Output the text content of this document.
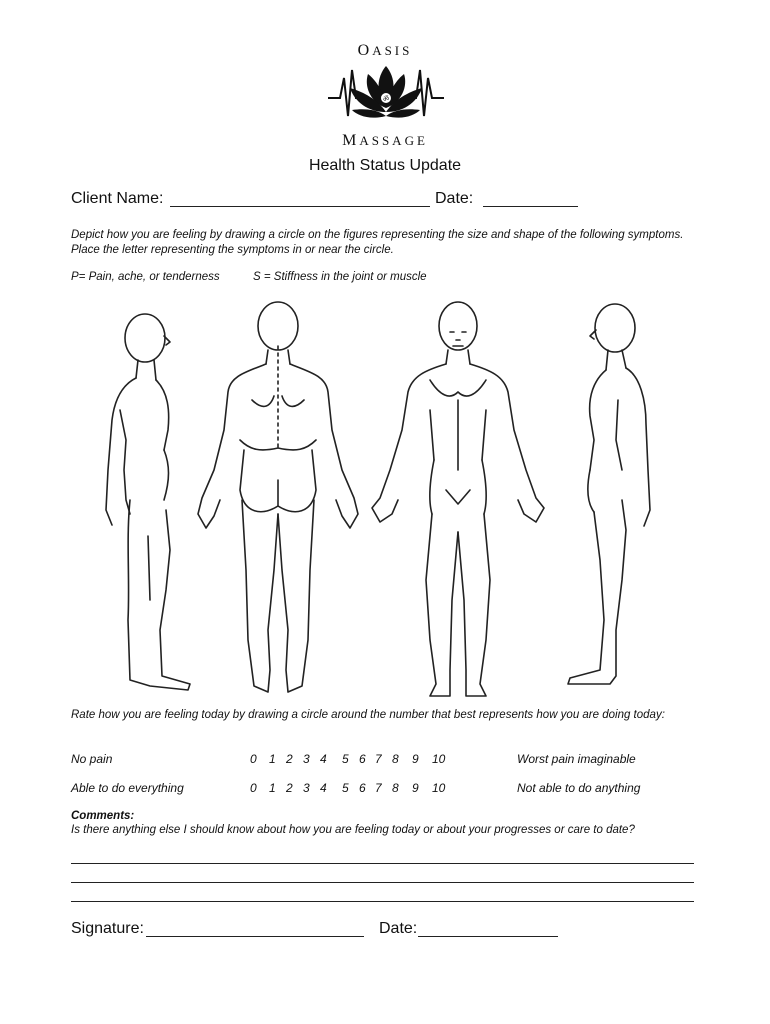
OASIS
ॐ
MASSAGE
Health Status Update
Client Name:	Date:
Depict how you are feeling by drawing a circle on the figures representing the size and shape of the following symptoms. Place the letter representing the symptoms in or near the circle.
P= Pain, ache, or tenderness	S = Stiffness in the joint or muscle
Rate how you are feeling today by drawing a circle around the number that best represents how you are doing today:
No pain	0 1 2 3 4 5 6 7 8 9 10	Worst pain imaginable
Able to do everything	0 1 2 3 4 5 6 7 8 9 10	Not able to do anything
Comments:
Is there anything else I should know about how you are feeling today or about your progresses or care to date?
Signature:	Date:
